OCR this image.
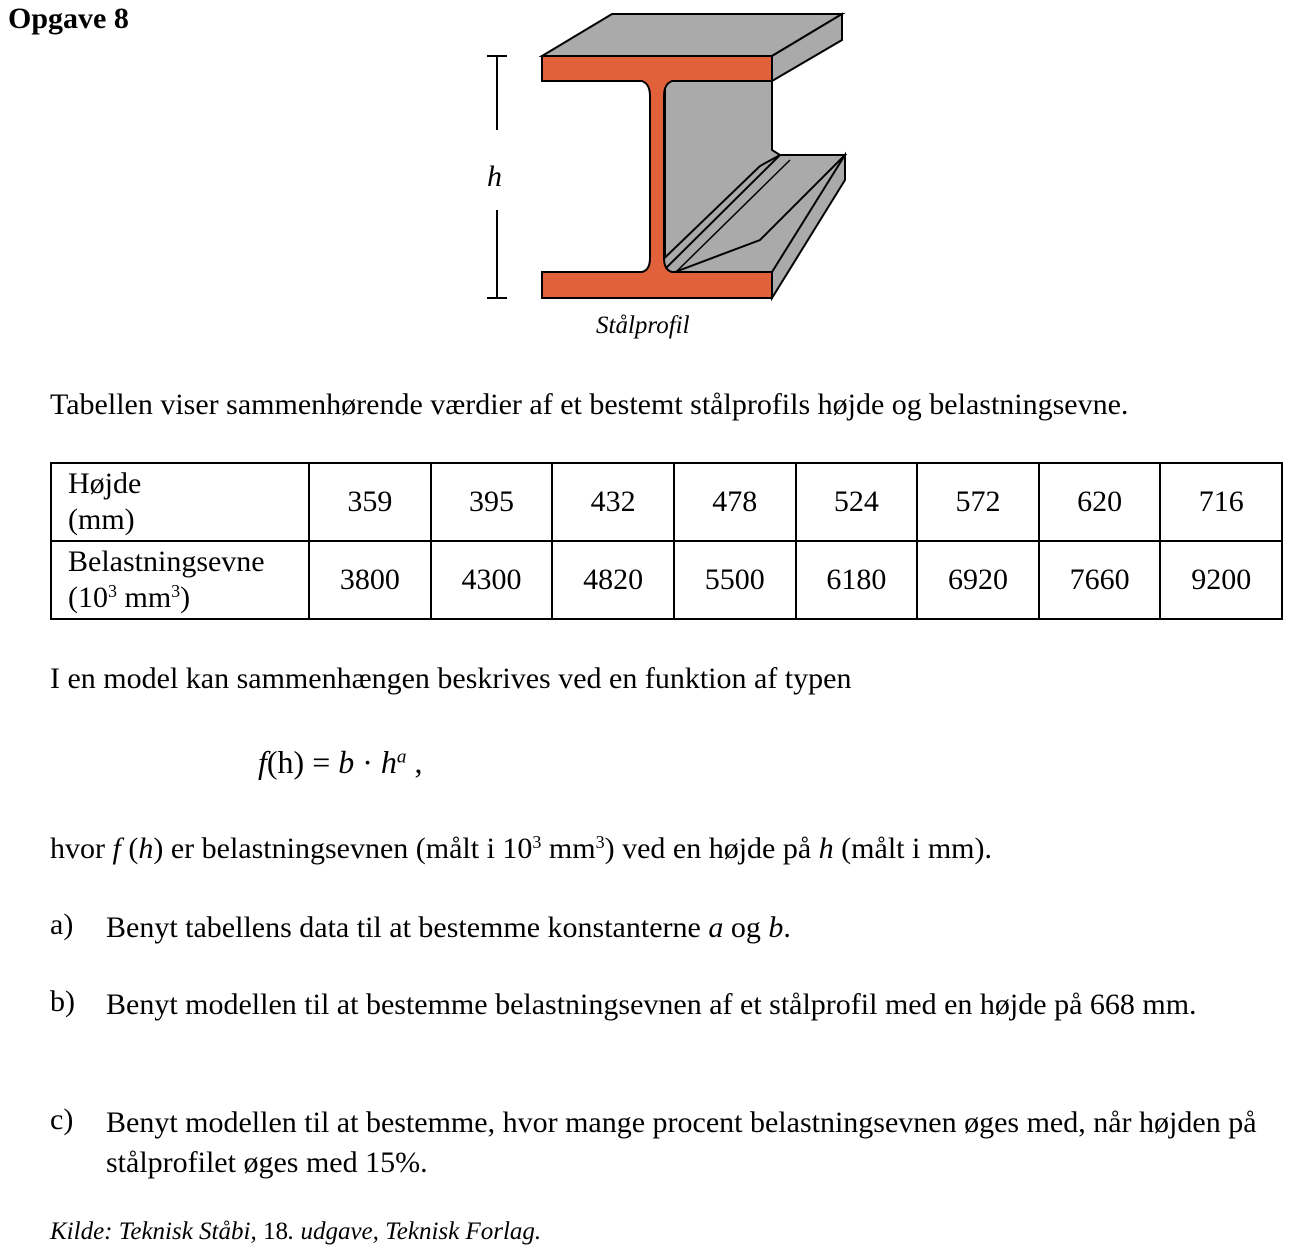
Opgave 8
h
Stålprofil
Tabellen viser sammenhørende værdier af et bestemt stålprofils højde og belastningsevne.
Højde
(mm)	359	395	432	478	524	572	620	716

Belastningsevne
($10^3$ $mm^3$)	3800	4300	4820	5500	6180	6920	7660	9200
I en model kan sammenhængen beskrives ved en funktion af typen
$f(h) = b \cdot h^a$ ,
hvor f (h) er belastningsevnen (målt i $10^3$ $mm^3$) ved en højde på h (målt i mm).
a) Benyt tabellens data til at bestemme konstanterne a og b.
b) Benyt modellen til at bestemme belastningsevnen af et stålprofil med en højde på 668 mm.
c) Benyt modellen til at bestemme, hvor mange procent belastningsevnen øges med, når højden på stålprofilet øges med 15%.
Kilde: Teknisk Ståbi, 18. udgave, Teknisk Forlag.
